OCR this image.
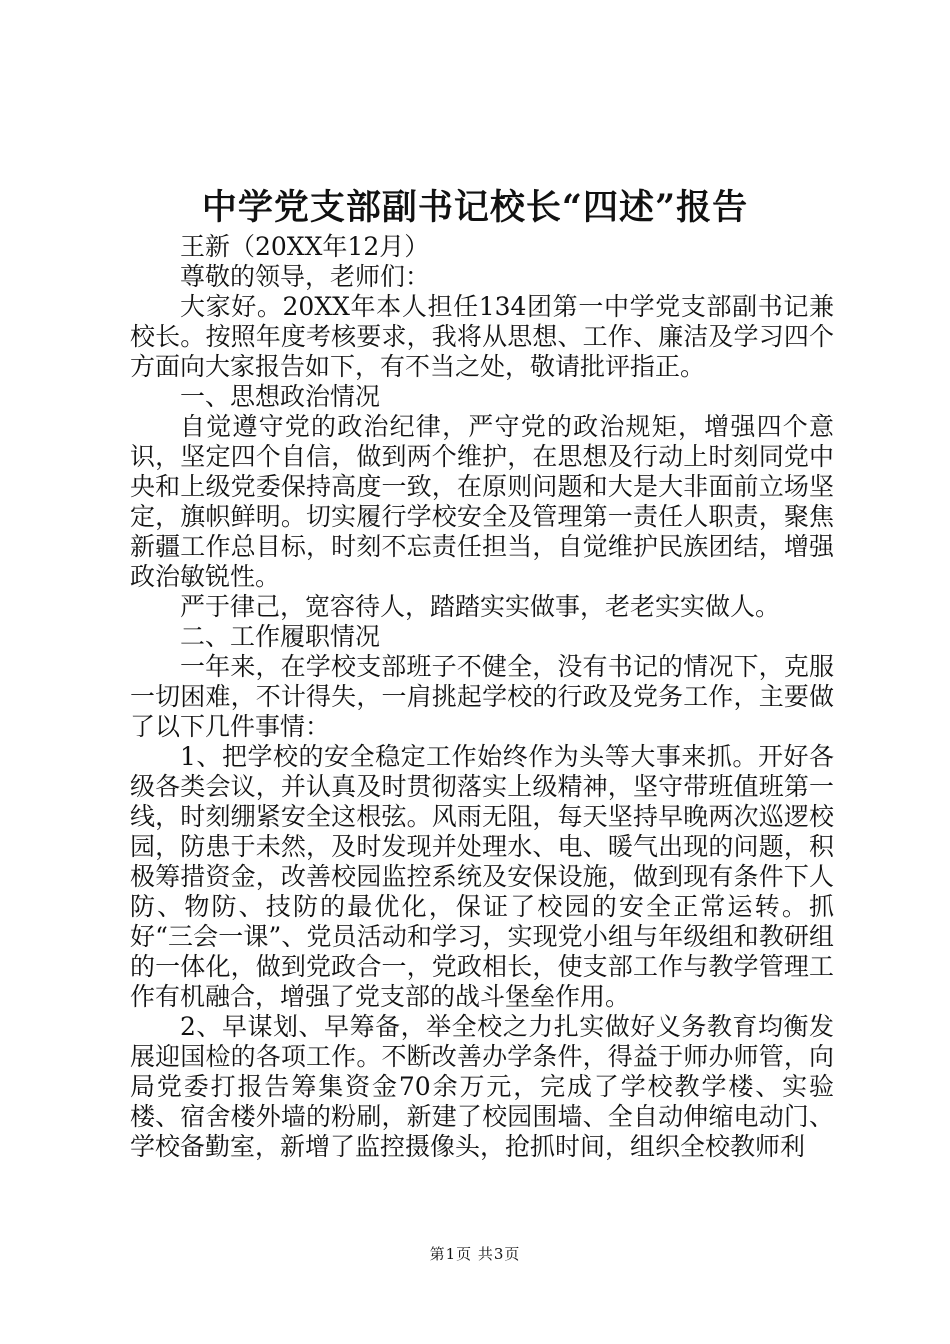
中学党支部副书记校长“四述”报告

王新（20XX年12月）

尊敬的领导，老师们：

大家好。20XX年本人担任134团第一中学党支部副书记兼校长。按照年度考核要求，我将从思想、工作、廉洁及学习四个方面向大家报告如下，有不当之处，敬请批评指正。

一、思想政治情况

自觉遵守党的政治纪律，严守党的政治规矩，增强四个意识，坚定四个自信，做到两个维护，在思想及行动上时刻同党中央和上级党委保持高度一致，在原则问题和大是大非面前立场坚定，旗帜鲜明。切实履行学校安全及管理第一责任人职责，聚焦新疆工作总目标，时刻不忘责任担当，自觉维护民族团结，增强政治敏锐性。

严于律己，宽容待人，踏踏实实做事，老老实实做人。

二、工作履职情况

一年来，在学校支部班子不健全，没有书记的情况下，克服一切困难，不计得失，一肩挑起学校的行政及党务工作，主要做了以下几件事情：

1、把学校的安全稳定工作始终作为头等大事来抓。开好各级各类会议，并认真及时贯彻落实上级精神，坚守带班值班第一线，时刻绷紧安全这根弦。风雨无阻，每天坚持早晚两次巡逻校园，防患于未然，及时发现并处理水、电、暖气出现的问题，积极筹措资金，改善校园监控系统及安保设施，做到现有条件下人防、物防、技防的最优化，保证了校园的安全正常运转。抓好“三会一课”、党员活动和学习，实现党小组与年级组和教研组的一体化，做到党政合一，党政相长，使支部工作与教学管理工作有机融合，增强了党支部的战斗堡垒作用。

2、早谋划、早筹备，举全校之力扎实做好义务教育均衡发展迎国检的各项工作。不断改善办学条件，得益于师办师管，向局党委打报告筹集资金70余万元，完成了学校教学楼、实验楼、宿舍楼外墙的粉刷，新建了校园围墙、全自动伸缩电动门、学校备勤室，新增了监控摄像头，抢抓时间，组织全校教师利

第1页 共3页
